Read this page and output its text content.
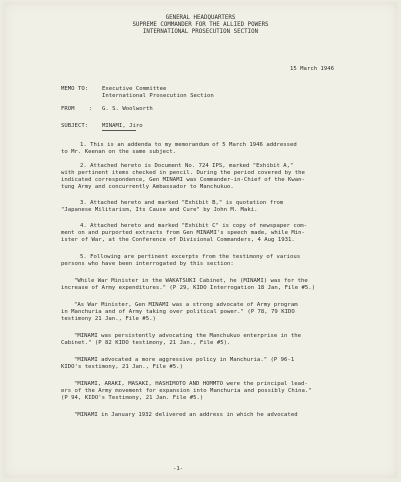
GENERAL HEADQUARTERS
SUPREME COMMANDER FOR THE ALLIED POWERS
INTERNATIONAL PROSECUTION SECTION
15 March 1946
MEMO TO: Executive Committee
International Prosecution Section
FROM	: G. S. Woolworth
SUBJECT: MINAMI, Jiro
1. This is an addenda to my memorandum of 5 March 1946 addressed
to Mr. Keenan on the same subject.
2. Attached hereto is Document No. 724 IPS, marked "Exhibit A,"
with pertinent items checked in pencil. During the period covered by the
indicated correspondence, Gen MINAMI was Commander-in-Chief of the Kwan-
tung Army and concurrently Ambassador to Manchukuo.
3. Attached hereto and marked "Exhibit B," is quotation from
"Japanese Militarism, Its Cause and Cure" by John M. Maki.
4. Attached hereto and marked "Exhibit C" is copy of newspaper com-
ment on and purported extracts from Gen MINAMI's speech made, while Min-
ister of War, at the Conference of Divisional Commanders, 4 Aug 1931.
5. Following are pertinent excerpts from the testimony of various
persons who have been interrogated by this section:
"While War Minister in the WAKATSUKI Cabinet, he (MINAMI) was for the
increase of Army expenditures." (P 29, KIDO Interrogation 18 Jan, File #5.)
"As War Minister, Gen MINAMI was a strong advocate of Army program
in Manchuria and of Army taking over political power." (P 78, 79 KIDO
testimony 21 Jan., File #5.)
"MINAMI was persistently advocating the Manchukuo enterprise in the
Cabinet." (P 82 KIDO testimony, 21 Jan., File #5).
"MINAMI advocated a more aggressive policy in Manchuria." (P 96-1
KIDO's testimony, 21 Jan., File #5.)
"MINAMI, ARAKI, MASAKI, HASHIMOTO AND HOMMTO were the principal lead-
ers of the Army movement for expansion into Manchuria and possibly China."
(P 94, KIDO's Testimony, 21 Jan. File #5.)
"MINAMI in January 1932 delivered an address in which he advocated
-1-
